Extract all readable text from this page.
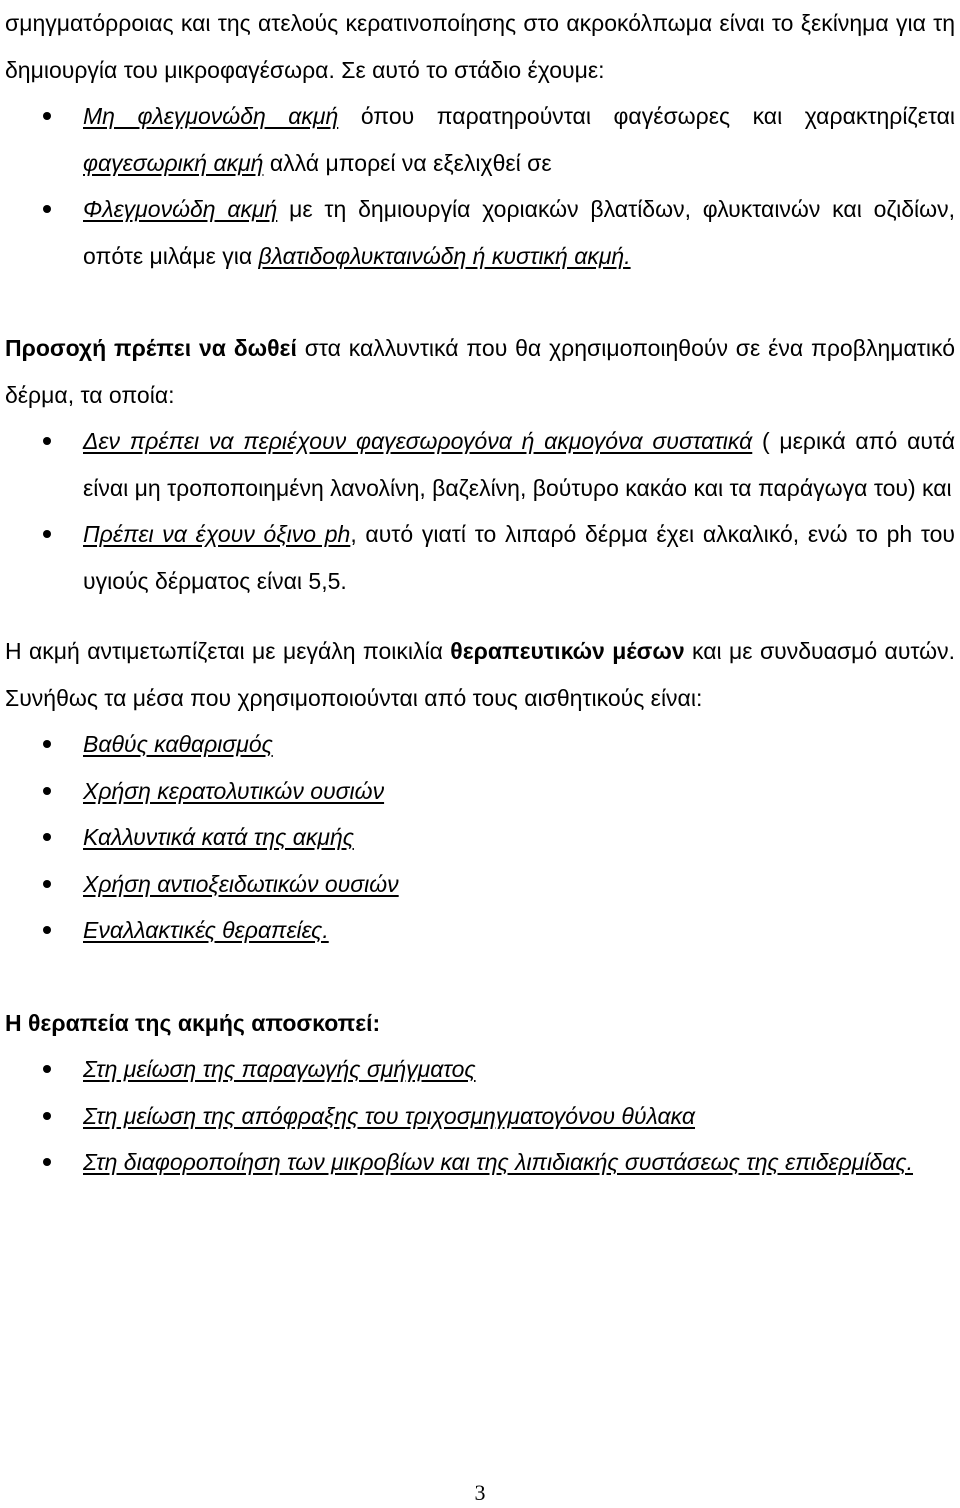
σμηγματόρροιας και της ατελούς κερατινοποίησης στο ακροκόλπωμα είναι το ξεκίνημα για τη δημιουργία του μικροφαγέσωρα. Σε αυτό το στάδιο έχουμε:

Μη φλεγμονώδη ακμή όπου παρατηρούνται φαγέσωρες και χαρακτηρίζεται φαγεσωρική ακμή αλλά μπορεί να εξελιχθεί σε
Φλεγμονώδη ακμή με τη δημιουργία χοριακών βλατίδων, φλυκταινών και οζιδίων, οπότε μιλάμε για βλατιδοφλυκταινώδη ή κυστική ακμή.

Προσοχή πρέπει να δωθεί στα καλλυντικά που θα χρησιμοποιηθούν σε ένα προβληματικό δέρμα, τα οποία:

Δεν πρέπει να περιέχουν φαγεσωρογόνα ή ακμογόνα συστατικά ( μερικά από αυτά είναι μη τροποποιημένη λανολίνη, βαζελίνη, βούτυρο κακάο και τα παράγωγα του) και
Πρέπει να έχουν όξινο ph, αυτό γιατί το λιπαρό δέρμα έχει αλκαλικό, ενώ το ph του υγιούς δέρματος είναι 5,5.

Η ακμή αντιμετωπίζεται με μεγάλη ποικιλία θεραπευτικών μέσων και με συνδυασμό αυτών. Συνήθως τα μέσα που χρησιμοποιούνται από τους αισθητικούς είναι:

Βαθύς καθαρισμός
Χρήση κερατολυτικών ουσιών
Καλλυντικά κατά της ακμής
Χρήση αντιοξειδωτικών ουσιών
Εναλλακτικές θεραπείες.

Η θεραπεία της ακμής αποσκοπεί:

Στη μείωση της παραγωγής σμήγματος
Στη μείωση της απόφραξης του τριχοσμηγματογόνου θύλακα
Στη διαφοροποίηση των μικροβίων και της λιπιδιακής συστάσεως της επιδερμίδας.
3
